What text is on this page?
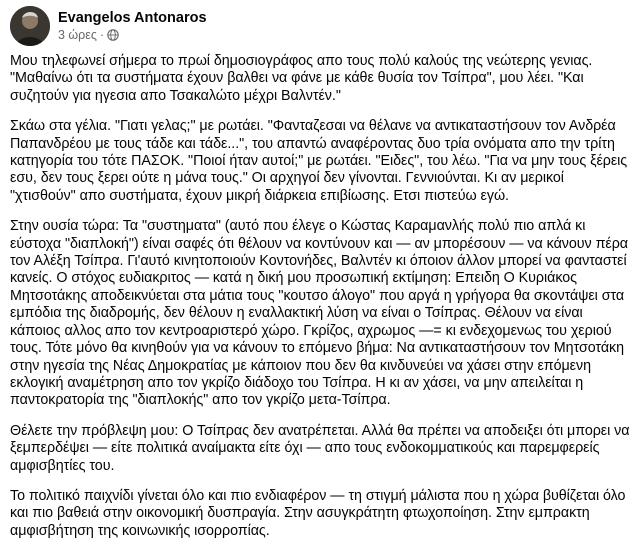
Evangelos Antonaros
3 ώρες ·

Μου τηλεφωνεί σήμερα το πρωί δημοσιογράφος απο τους πολύ καλούς της νεώτερης γενιας. "Μαθαίνω ότι τα συστήματα έχουν βαλθει να φάνε με κάθε θυσία τον Τσίπρα", μου λέει. "Και συζητούν για ηγεσια απο Τσακαλώτο μέχρι Βαλντέν."

Σκάω στα γέλια. "Γιατι γελας;" με ρωτάει. "Φανταζεσαι να θέλανε να αντικαταστήσουν τον Ανδρέα Παπανδρέου με τους τάδε και τάδε...", του απαντώ αναφέροντας δυο τρία ονόματα απο την τρίτη κατηγορία του τότε ΠΑΣΟΚ. "Ποιοί ήταν αυτοί;" με ρωτάει. "Ειδες", του λέω. "Για να μην τους ξέρεις εσυ, δεν τους ξερει ούτε η μάνα τους." Οι αρχηγοί δεν γίνονται. Γεννιούνται. Κι αν μερικοί "χτισθούν" απο συστήματα, έχουν μικρή διάρκεια επιβίωσης. Ετσι πιστεύω εγώ.

Στην ουσία τώρα: Τα "συστηματα" (αυτό που έλεγε ο Κώστας Καραμανλής πολύ πιο απλά κι εύστοχα "διαπλοκή") είναι σαφές ότι θέλουν να κοντύνουν και — αν μπορέσουν — να κάνουν πέρα τον Αλέξη Τσίπρα. Γι'αυτό κινητοποιούν Κοντονήδες, Βαλντέν κι όποιον άλλον μπορεί να φανταστεί κανείς. Ο στόχος ευδιακριτος — κατά η δική μου προσωπική εκτίμηση: Επειδη Ο Κυριάκος Μητσοτάκης αποδεικνύεται στα μάτια τους "κουτσο άλογο" που αργά η γρήγορα θα σκοντάψει στα εμπόδια της διαδρομής, δεν θέλουν η εναλλακτική λύση να είναι ο Τσίπρας. Θέλουν να είναι κάποιος αλλος απο τον κεντροαριστερό χώρο. Γκρίζος, αχρωμος —= κι ενδεχομενως του χεριού τους. Τότε μόνο θα κινηθούν για να κάνουν το επόμενο βήμα: Να αντικαταστήσουν τον Μητσοτάκη στην ηγεσία της Νέας Δημοκρατίας με κάποιον που δεν θα κινδυνεύει να χάσει στην επόμενη εκλογική αναμέτρηση απο τον γκρίζο διάδοχο του Τσίπρα. Η κι αν χάσει, να μην απειλείται η παντοκρατορία της "διαπλοκής" απο τον γκρίζο μετα-Τσίπρα.

Θέλετε την πρόβλεψη μου: Ο Τσίπρας δεν ανατρέπεται. Αλλά θα πρέπει να αποδειξει ότι μπορει να ξεμπερδέψει — είτε πολιτικά αναίμακτα είτε όχι — απο τους ενδοκομματικούς και παρεμφερείς αμφισβητίες του.

Το πολιτικό παιχνίδι γίνεται όλο και πιο ενδιαφέρον — τη στιγμή μάλιστα που η χώρα βυθίζεται όλο και πιο βαθειά στην οικονομική δυσπραγία. Στην ασυγκράτητη φτωχοποίηση. Στην εμπρακτη αμφισβήτηση της κοινωνικής ισορροπίας.
